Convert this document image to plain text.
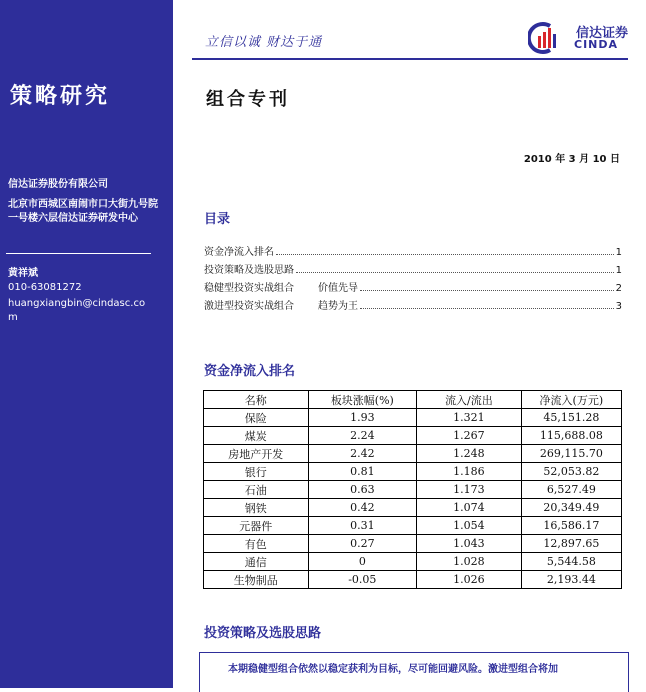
策略研究
信达证券股份有限公司
北京市西城区南闹市口大街九号院一号楼六层信达证券研发中心
黄祥斌
010-63081272
huangxiangbin@cindasc.com
立信以诚 财达于通
信达证券
CINDA
组合专刊
2010 年 3 月 10 日
目录
资金净流入排名	1
投资策略及选股思路	1
稳健型投资实战组合 价值先导	2
激进型投资实战组合 趋势为王	3
资金净流入排名
名称	板块涨幅(%)	流入/流出	净流入(万元)
保险	1.93	1.321	45,151.28
煤炭	2.24	1.267	115,688.08
房地产开发	2.42	1.248	269,115.70
银行	0.81	1.186	52,053.82
石油	0.63	1.173	6,527.49
钢铁	0.42	1.074	20,349.49
元器件	0.31	1.054	16,586.17
有色	0.27	1.043	12,897.65
通信	0	1.028	5,544.58
生物制品	-0.05	1.026	2,193.44
投资策略及选股思路
本期稳健型组合依然以稳定获利为目标，尽可能回避风险。激进型组合将加
